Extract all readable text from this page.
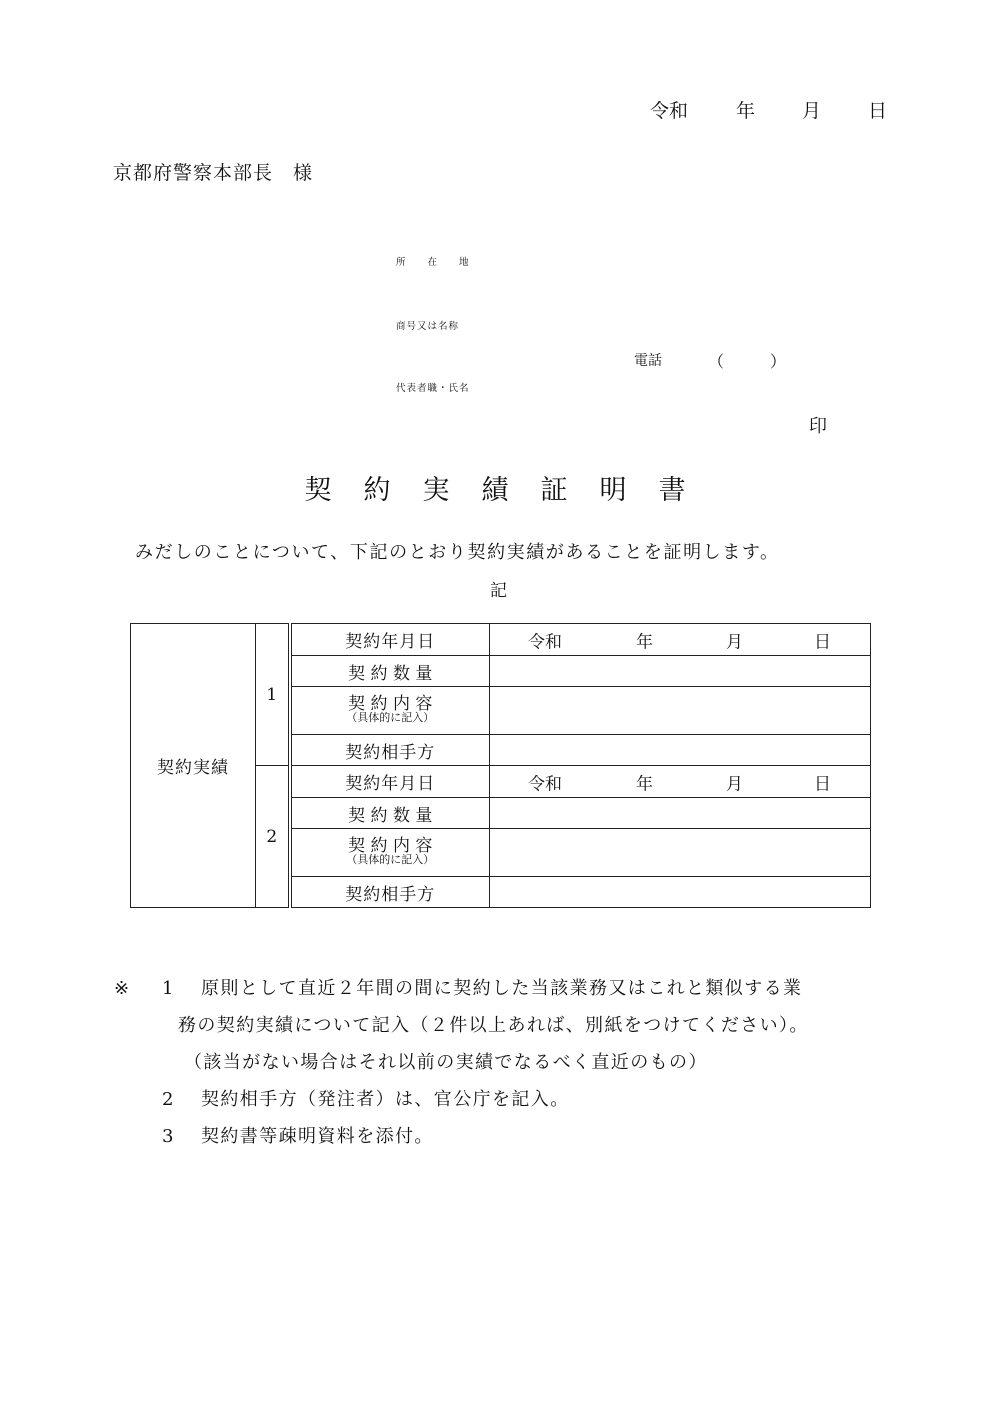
令和	年 月 日
京都府警察本部長　様
所　　在　　地
商号又は名称
代表者職・氏名
電話	（	）
印
契約実績証明書
みだしのことについて、下記のとおり契約実績があることを証明します。
記
契約実績	1	契約年月日	令和 年 月 日

		契 約 数 量	
		契 約 内 容
（具体的に記入）	

		契約相手方	
	2	契約年月日	令和 年 月 日

		契 約 数 量	
		契 約 内 容
（具体的に記入）	

		契約相手方	
※ 1 原則として直近２年間の間に契約した当該業務又はこれと類似する業
務の契約実績について記入（２件以上あれば、別紙をつけてください）。
（該当がない場合はそれ以前の実績でなるべく直近のもの）
2 契約相手方（発注者）は、官公庁を記入。
3 契約書等疎明資料を添付。
